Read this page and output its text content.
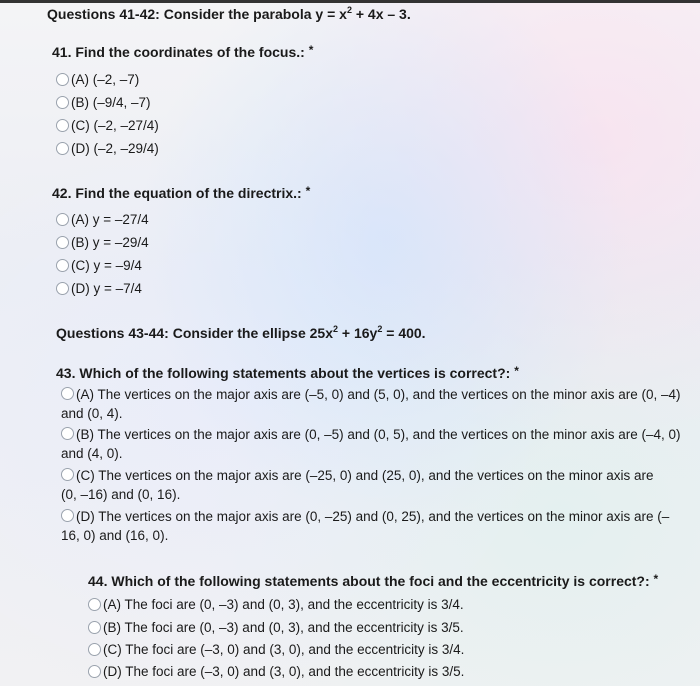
Questions 41-42: Consider the parabola $y = x^2 + 4x - 3$.
41. Find the coordinates of the focus.: *
(A) (–2, –7)
(B) (–9/4, –7)
(C) (–2, –27/4)
(D) (–2, –29/4)
42. Find the equation of the directrix.: *
(A) y = –27/4
(B) y = –29/4
(C) y = –9/4
(D) y = –7/4
Questions 43-44: Consider the ellipse $25x^2 + 16y^2 = 400$.
43. Which of the following statements about the vertices is correct?: *
(A) The vertices on the major axis are (–5, 0) and (5, 0), and the vertices on the minor axis are (0, –4) and (0, 4).
(B) The vertices on the major axis are (0, –5) and (0, 5), and the vertices on the minor axis are (–4, 0) and (4, 0).
(C) The vertices on the major axis are (–25, 0) and (25, 0), and the vertices on the minor axis are (0, –16) and (0, 16).
(D) The vertices on the major axis are (0, –25) and (0, 25), and the vertices on the minor axis are (–16, 0) and (16, 0).
44. Which of the following statements about the foci and the eccentricity is correct?: *
(A) The foci are (0, –3) and (0, 3), and the eccentricity is 3/4.
(B) The foci are (0, –3) and (0, 3), and the eccentricity is 3/5.
(C) The foci are (–3, 0) and (3, 0), and the eccentricity is 3/4.
(D) The foci are (–3, 0) and (3, 0), and the eccentricity is 3/5.
